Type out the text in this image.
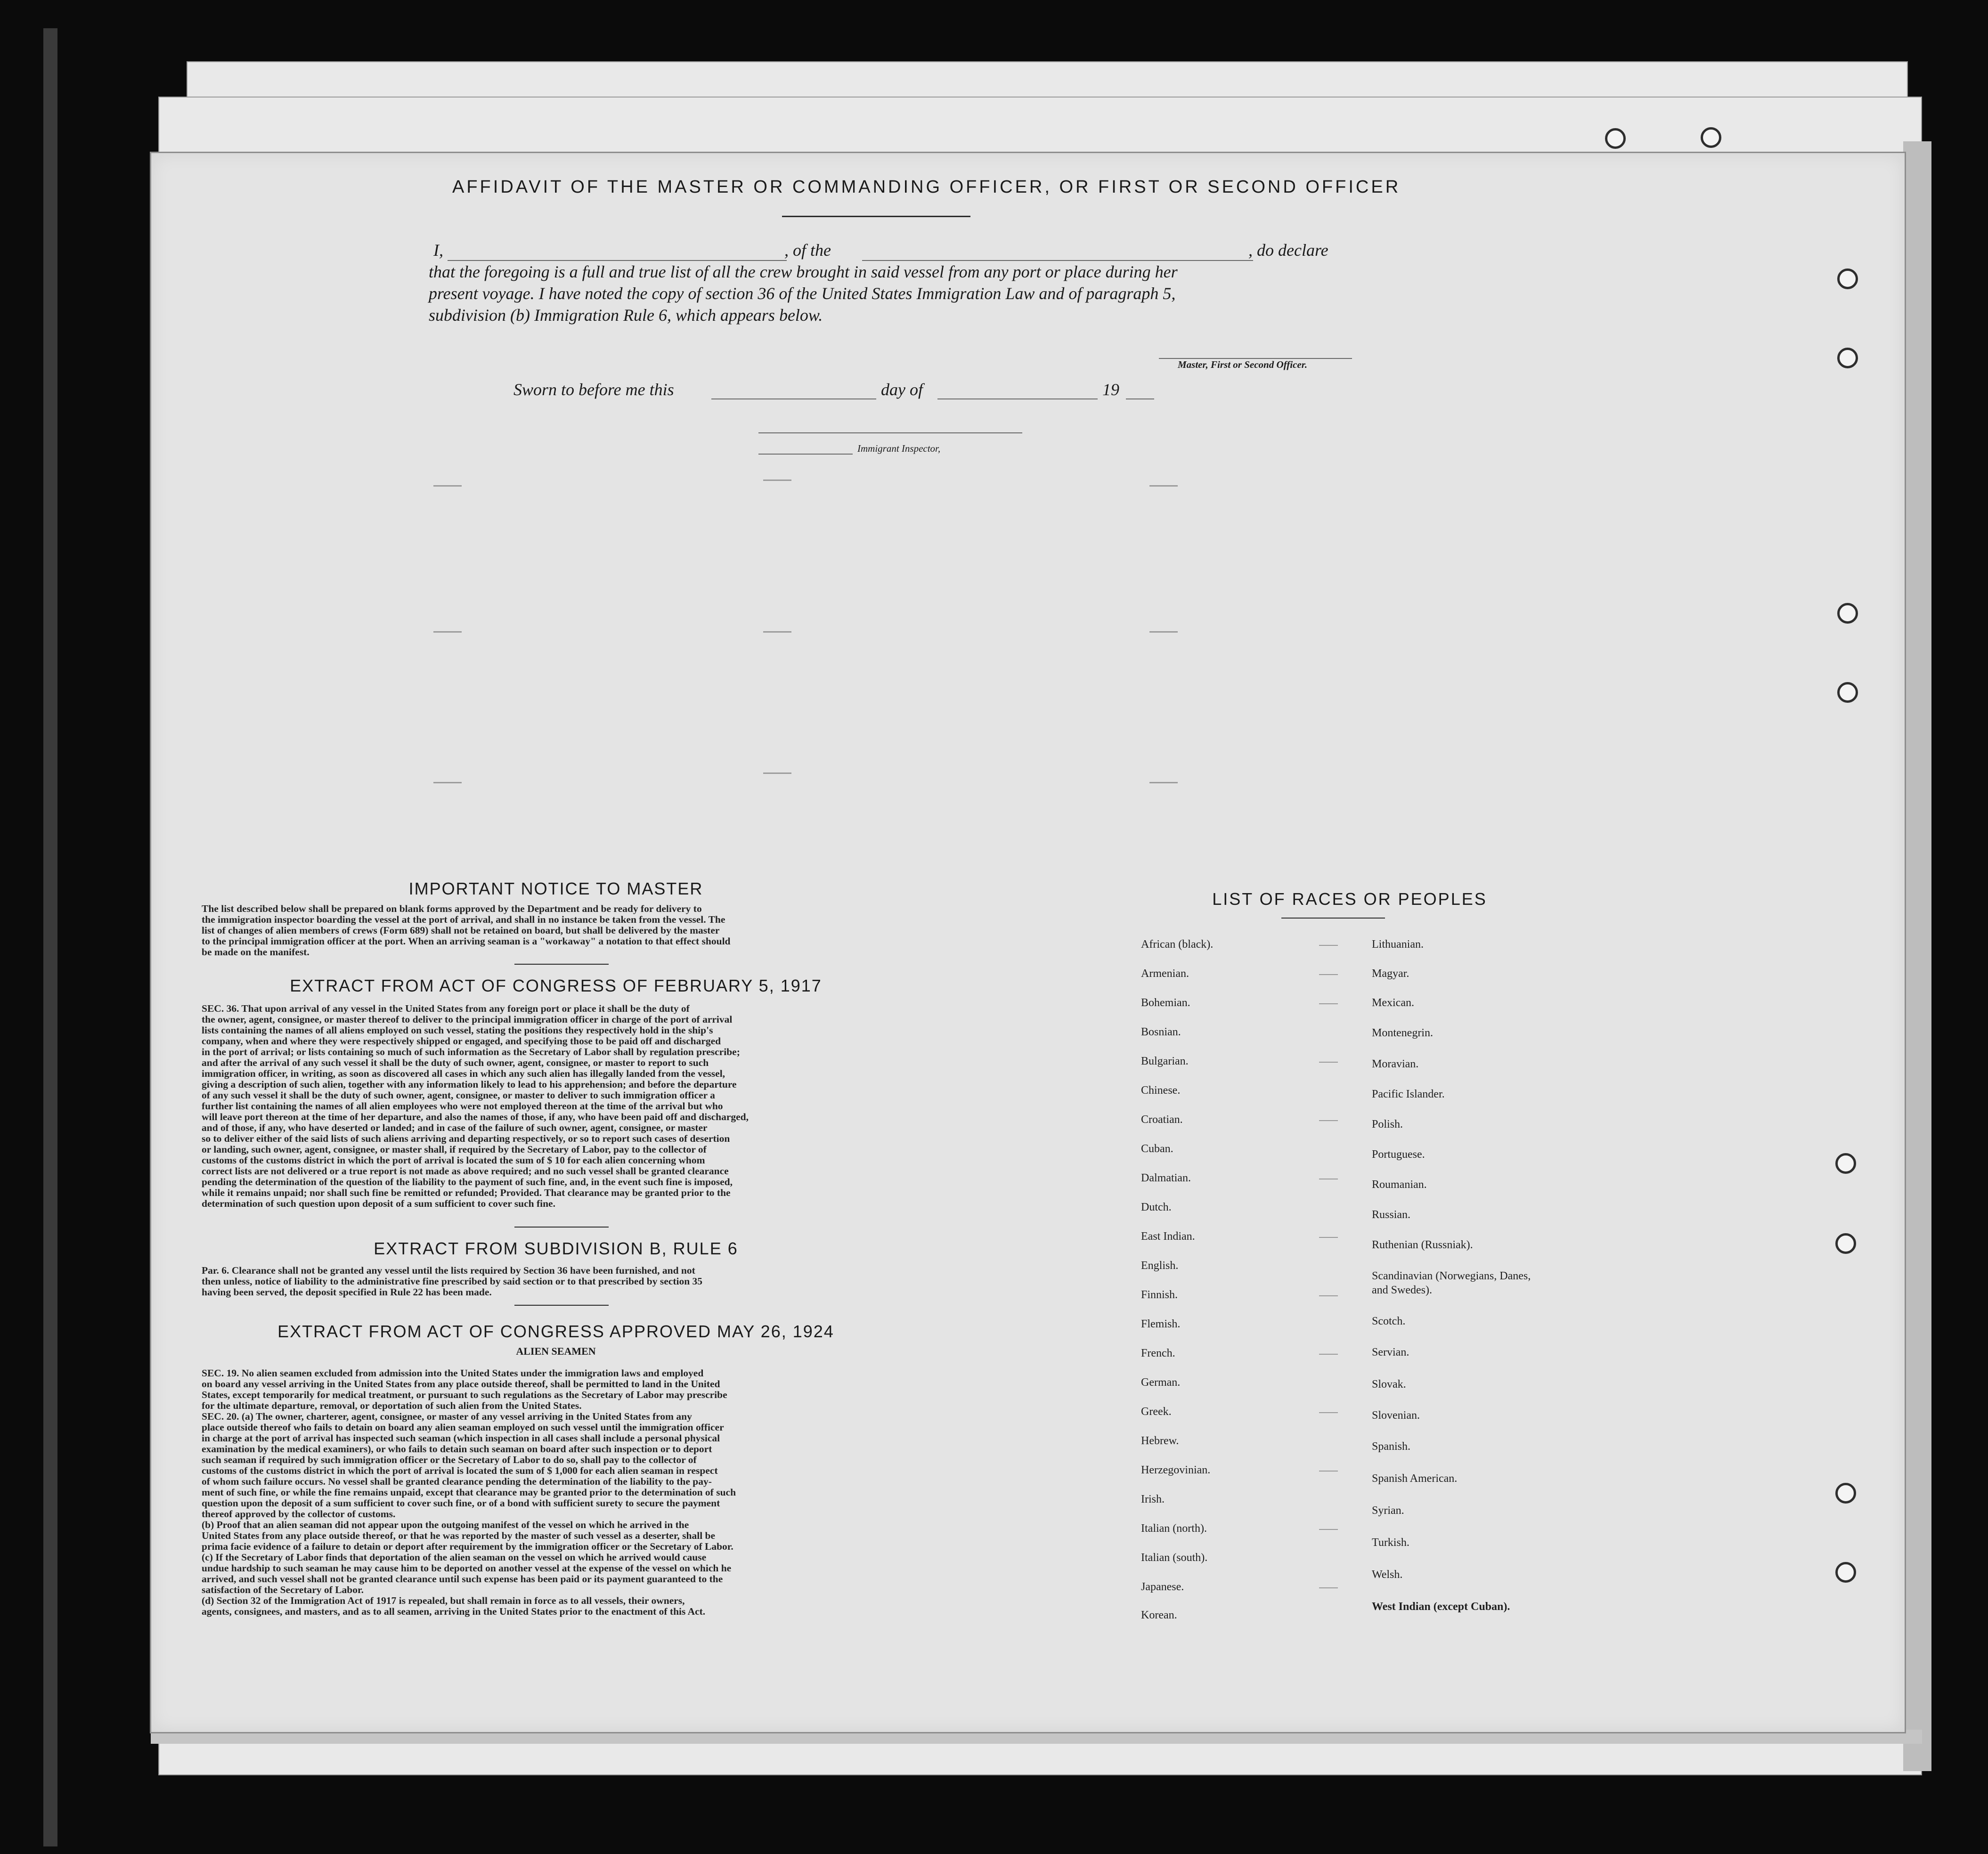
AFFIDAVIT OF THE MASTER OR COMMANDING OFFICER, OR FIRST OR SECOND OFFICER
I,	, of the	, do declare
that the foregoing is a full and true list of all the crew brought in said vessel from any port or place during her
present voyage. I have noted the copy of section 36 of the United States Immigration Law and of paragraph 5,
subdivision (b) Immigration Rule 6, which appears below.
Master, First or Second Officer.
Sworn to before me this	day of	19
Immigrant Inspector,
IMPORTANT NOTICE TO MASTER
The list described below shall be prepared on blank forms approved by the Department and be ready for delivery to
the immigration inspector boarding the vessel at the port of arrival, and shall in no instance be taken from the vessel. The
list of changes of alien members of crews (Form 689) shall not be retained on board, but shall be delivered by the master
to the principal immigration officer at the port. When an arriving seaman is a "workaway" a notation to that effect should
be made on the manifest.
EXTRACT FROM ACT OF CONGRESS OF FEBRUARY 5, 1917
SEC. 36. That upon arrival of any vessel in the United States from any foreign port or place it shall be the duty of
the owner, agent, consignee, or master thereof to deliver to the principal immigration officer in charge of the port of arrival
lists containing the names of all aliens employed on such vessel, stating the positions they respectively hold in the ship's
company, when and where they were respectively shipped or engaged, and specifying those to be paid off and discharged
in the port of arrival; or lists containing so much of such information as the Secretary of Labor shall by regulation prescribe;
and after the arrival of any such vessel it shall be the duty of such owner, agent, consignee, or master to report to such
immigration officer, in writing, as soon as discovered all cases in which any such alien has illegally landed from the vessel,
giving a description of such alien, together with any information likely to lead to his apprehension; and before the departure
of any such vessel it shall be the duty of such owner, agent, consignee, or master to deliver to such immigration officer a
further list containing the names of all alien employees who were not employed thereon at the time of the arrival but who
will leave port thereon at the time of her departure, and also the names of those, if any, who have been paid off and discharged,
and of those, if any, who have deserted or landed; and in case of the failure of such owner, agent, consignee, or master
so to deliver either of the said lists of such aliens arriving and departing respectively, or so to report such cases of desertion
or landing, such owner, agent, consignee, or master shall, if required by the Secretary of Labor, pay to the collector of
customs of the customs district in which the port of arrival is located the sum of $ 10 for each alien concerning whom
correct lists are not delivered or a true report is not made as above required; and no such vessel shall be granted clearance
pending the determination of the question of the liability to the payment of such fine, and, in the event such fine is imposed,
while it remains unpaid; nor shall such fine be remitted or refunded; Provided. That clearance may be granted prior to the
determination of such question upon deposit of a sum sufficient to cover such fine.
EXTRACT FROM SUBDIVISION B, RULE 6
Par. 6. Clearance shall not be granted any vessel until the lists required by Section 36 have been furnished, and not
then unless, notice of liability to the administrative fine prescribed by said section or to that prescribed by section 35
having been served, the deposit specified in Rule 22 has been made.
EXTRACT FROM ACT OF CONGRESS APPROVED MAY 26, 1924
ALIEN SEAMEN
SEC. 19. No alien seamen excluded from admission into the United States under the immigration laws and employed
on board any vessel arriving in the United States from any place outside thereof, shall be permitted to land in the United
States, except temporarily for medical treatment, or pursuant to such regulations as the Secretary of Labor may prescribe
for the ultimate departure, removal, or deportation of such alien from the United States.
SEC. 20. (a) The owner, charterer, agent, consignee, or master of any vessel arriving in the United States from any
place outside thereof who fails to detain on board any alien seaman employed on such vessel until the immigration officer
in charge at the port of arrival has inspected such seaman (which inspection in all cases shall include a personal physical
examination by the medical examiners), or who fails to detain such seaman on board after such inspection or to deport
such seaman if required by such immigration officer or the Secretary of Labor to do so, shall pay to the collector of
customs of the customs district in which the port of arrival is located the sum of $ 1,000 for each alien seaman in respect
of whom such failure occurs. No vessel shall be granted clearance pending the determination of the liability to the pay-
ment of such fine, or while the fine remains unpaid, except that clearance may be granted prior to the determination of such
question upon the deposit of a sum sufficient to cover such fine, or of a bond with sufficient surety to secure the payment
thereof approved by the collector of customs.
(b) Proof that an alien seaman did not appear upon the outgoing manifest of the vessel on which he arrived in the
United States from any place outside thereof, or that he was reported by the master of such vessel as a deserter, shall be
prima facie evidence of a failure to detain or deport after requirement by the immigration officer or the Secretary of Labor.
(c) If the Secretary of Labor finds that deportation of the alien seaman on the vessel on which he arrived would cause
undue hardship to such seaman he may cause him to be deported on another vessel at the expense of the vessel on which he
arrived, and such vessel shall not be granted clearance until such expense has been paid or its payment guaranteed to the
satisfaction of the Secretary of Labor.
(d) Section 32 of the Immigration Act of 1917 is repealed, but shall remain in force as to all vessels, their owners,
agents, consignees, and masters, and as to all seamen, arriving in the United States prior to the enactment of this Act.
LIST OF RACES OR PEOPLES
African (black).
Armenian.
Bohemian.
Bosnian.
Bulgarian.
Chinese.
Croatian.
Cuban.
Dalmatian.
Dutch.
East Indian.
English.
Finnish.
Flemish.
French.
German.
Greek.
Hebrew.
Herzegovinian.
Irish.
Italian (north).
Italian (south).
Japanese.
Korean.
Lithuanian.
Magyar.
Mexican.
Montenegrin.
Moravian.
Pacific Islander.
Polish.
Portuguese.
Roumanian.
Russian.
Ruthenian (Russniak).
Scandinavian (Norwegians, Danes, and Swedes).
Scotch.
Servian.
Slovak.
Slovenian.
Spanish.
Spanish American.
Syrian.
Turkish.
Welsh.
West Indian (except Cuban).
